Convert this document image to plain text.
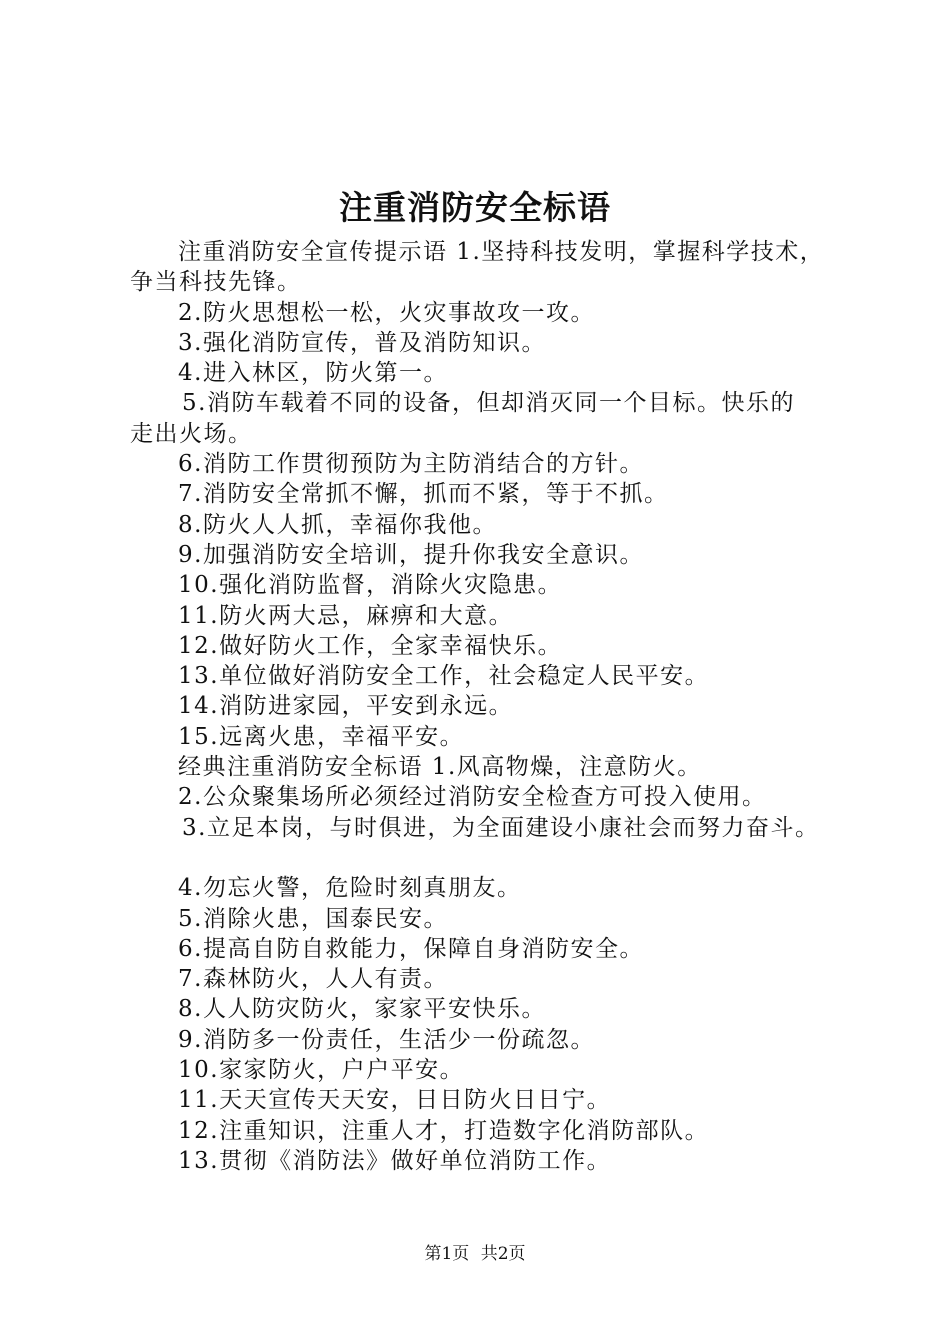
注重消防安全标语
注重消防安全宣传提示语 1.坚持科技发明，掌握科学技术，
争当科技先锋。
2.防火思想松一松，火灾事故攻一攻。
3.强化消防宣传，普及消防知识。
4.进入林区，防火第一。
5.消防车载着不同的设备，但却消灭同一个目标。快乐的
走出火场。
6.消防工作贯彻预防为主防消结合的方针。
7.消防安全常抓不懈，抓而不紧，等于不抓。
8.防火人人抓，幸福你我他。
9.加强消防安全培训，提升你我安全意识。
10.强化消防监督，消除火灾隐患。
11.防火两大忌，麻痹和大意。
12.做好防火工作，全家幸福快乐。
13.单位做好消防安全工作，社会稳定人民平安。
14.消防进家园，平安到永远。
15.远离火患，幸福平安。
经典注重消防安全标语 1.风高物燥，注意防火。
2.公众聚集场所必须经过消防安全检查方可投入使用。
3.立足本岗，与时俱进，为全面建设小康社会而努力奋斗。
4.勿忘火警，危险时刻真朋友。
5.消除火患，国泰民安。
6.提高自防自救能力，保障自身消防安全。
7.森林防火，人人有责。
8.人人防灾防火，家家平安快乐。
9.消防多一份责任，生活少一份疏忽。
10.家家防火，户户平安。
11.天天宣传天天安，日日防火日日宁。
12.注重知识，注重人才，打造数字化消防部队。
13.贯彻《消防法》做好单位消防工作。
第1页 共2页
